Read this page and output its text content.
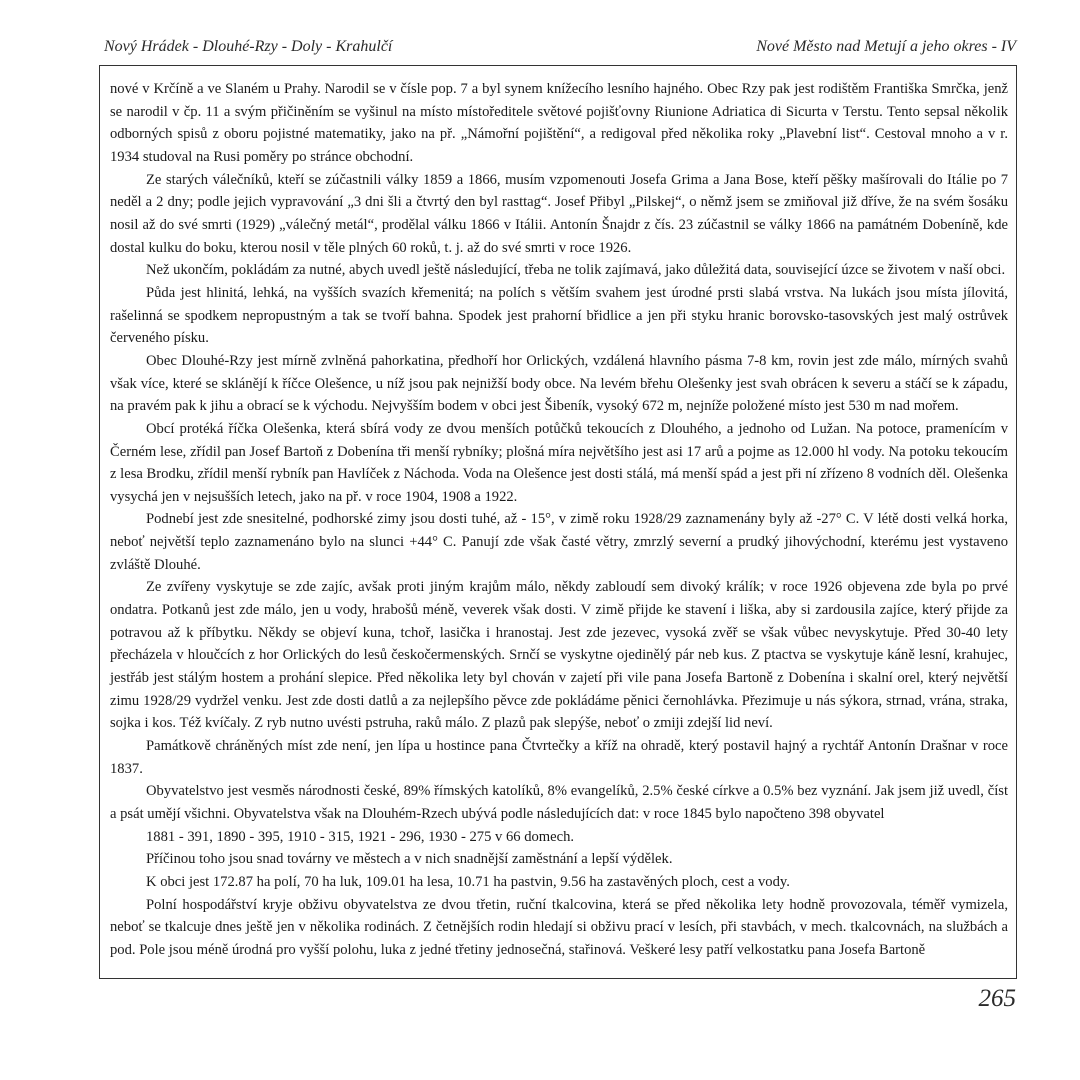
Nový Hrádek - Dlouhé-Rzy - Doly - Krahulčí	Nové Město nad Metují a jeho okres - IV

nové v Krčíně a ve Slaném u Prahy. Narodil se v čísle pop. 7 a byl synem knížecího lesního hajného. Obec Rzy pak jest rodištěm Františka Smrčka, jenž se narodil v čp. 11 a svým přičiněním se vyšinul na místo místoředitele světové pojišťovny Riunione Adriatica di Sicurta v Terstu. Tento sepsal několik odborných spisů z oboru pojistné matematiky, jako na př. „Námořní pojištění“, a redigoval před několika roky „Plavební list“. Cestoval mnoho a v r. 1934 studoval na Rusi poměry po stránce obchodní.

Ze starých válečníků, kteří se zúčastnili války 1859 a 1866, musím vzpomenouti Josefa Grima a Jana Bose, kteří pěšky mašírovali do Itálie po 7 neděl a 2 dny; podle jejich vypravování „3 dni šli a čtvrtý den byl rasttag“. Josef Přibyl „Pilskej“, o němž jsem se zmiňoval již dříve, že na svém šosáku nosil až do své smrti (1929) „válečný metál“, prodělal válku 1866 v Itálii. Antonín Šnajdr z čís. 23 zúčastnil se války 1866 na památném Dobeníně, kde dostal kulku do boku, kterou nosil v těle plných 60 roků, t. j. až do své smrti v roce 1926.

Než ukončím, pokládám za nutné, abych uvedl ještě následující, třeba ne tolik zajímavá, jako důležitá data, související úzce se životem v naší obci.

Půda jest hlinitá, lehká, na vyšších svazích křemenitá; na polích s větším svahem jest úrodné prsti slabá vrstva. Na lukách jsou místa jílovitá, rašelinná se spodkem nepropustným a tak se tvoří bahna. Spodek jest prahorní břidlice a jen při styku hranic borovsko-tasovských jest malý ostrůvek červeného písku.

Obec Dlouhé-Rzy jest mírně zvlněná pahorkatina, předhoří hor Orlických, vzdálená hlavního pásma 7-8 km, rovin jest zde málo, mírných svahů však více, které se sklánějí k říčce Olešence, u níž jsou pak nejnižší body obce. Na levém břehu Olešenky jest svah obrácen k severu a stáčí se k západu, na pravém pak k jihu a obrací se k východu. Nejvyšším bodem v obci jest Šibeník, vysoký 672 m, nejníže položené místo jest 530 m nad mořem.

Obcí protéká říčka Olešenka, která sbírá vody ze dvou menších potůčků tekoucích z Dlouhého, a jednoho od Lužan. Na potoce, pramenícím v Černém lese, zřídil pan Josef Bartoň z Dobenína tři menší rybníky; plošná míra největšího jest asi 17 arů a pojme as 12.000 hl vody. Na potoku tekoucím z lesa Brodku, zřídil menší rybník pan Havlíček z Náchoda. Voda na Olešence jest dosti stálá, má menší spád a jest při ní zřízeno 8 vodních děl. Olešenka vysychá jen v nejsušších letech, jako na př. v roce 1904, 1908 a 1922.

Podnebí jest zde snesitelné, podhorské zimy jsou dosti tuhé, až - 15°, v zimě roku 1928/29 zaznamenány byly až -27° C. V létě dosti velká horka, neboť největší teplo zaznamenáno bylo na slunci +44° C. Panují zde však časté větry, zmrzlý severní a prudký jihovýchodní, kterému jest vystaveno zvláště Dlouhé.

Ze zvířeny vyskytuje se zde zajíc, avšak proti jiným krajům málo, někdy zabloudí sem divoký králík; v roce 1926 objevena zde byla po prvé ondatra. Potkanů jest zde málo, jen u vody, hrabošů méně, veverek však dosti. V zimě přijde ke stavení i liška, aby si zardousila zajíce, který přijde za potravou až k příbytku. Někdy se objeví kuna, tchoř, lasička i hranostaj. Jest zde jezevec, vysoká zvěř se však vůbec nevyskytuje. Před 30-40 lety přecházela v hloučcích z hor Orlických do lesů českočermenských. Srnčí se vyskytne ojedinělý pár neb kus. Z ptactva se vyskytuje káně lesní, krahujec, jestřáb jest stálým hostem a prohání slepice. Před několika lety byl chován v zajetí při vile pana Josefa Bartoně z Dobenína i skalní orel, který největší zimu 1928/29 vydržel venku. Jest zde dosti datlů a za nejlepšího pěvce zde pokládáme pěnici černohlávka. Přezimuje u nás sýkora, strnad, vrána, straka, sojka i kos. Též kvíčaly. Z ryb nutno uvésti pstruha, raků málo. Z plazů pak slepýše, neboť o zmiji zdejší lid neví.

Památkově chráněných míst zde není, jen lípa u hostince pana Čtvrtečky a kříž na ohradě, který postavil hajný a rychtář Antonín Drašnar v roce 1837.

Obyvatelstvo jest vesměs národnosti české, 89% římských katolíků, 8% evangelíků, 2.5% české církve a 0.5% bez vyznání. Jak jsem již uvedl, číst a psát umějí všichni. Obyvatelstva však na Dlouhém-Rzech ubývá podle následujících dat: v roce 1845 bylo napočteno 398 obyvatel

1881 - 391, 1890 - 395, 1910 - 315, 1921 - 296, 1930 - 275 v 66 domech.

Příčinou toho jsou snad továrny ve městech a v nich snadnější zaměstnání a lepší výdělek.

K obci jest 172.87 ha polí, 70 ha luk, 109.01 ha lesa, 10.71 ha pastvin, 9.56 ha zastavěných ploch, cest a vody.

Polní hospodářství kryje obživu obyvatelstva ze dvou třetin, ruční tkalcovina, která se před několika lety hodně provozovala, téměř vymizela, neboť se tkalcuje dnes ještě jen v několika rodinách. Z četnějších rodin hledají si obživu prací v lesích, při stavbách, v mech. tkalcovnách, na službách a pod. Pole jsou méně úrodná pro vyšší polohu, luka z jedné třetiny jednosečná, stařinová. Veškeré lesy patří velkostatku pana Josefa Bartoně

265
